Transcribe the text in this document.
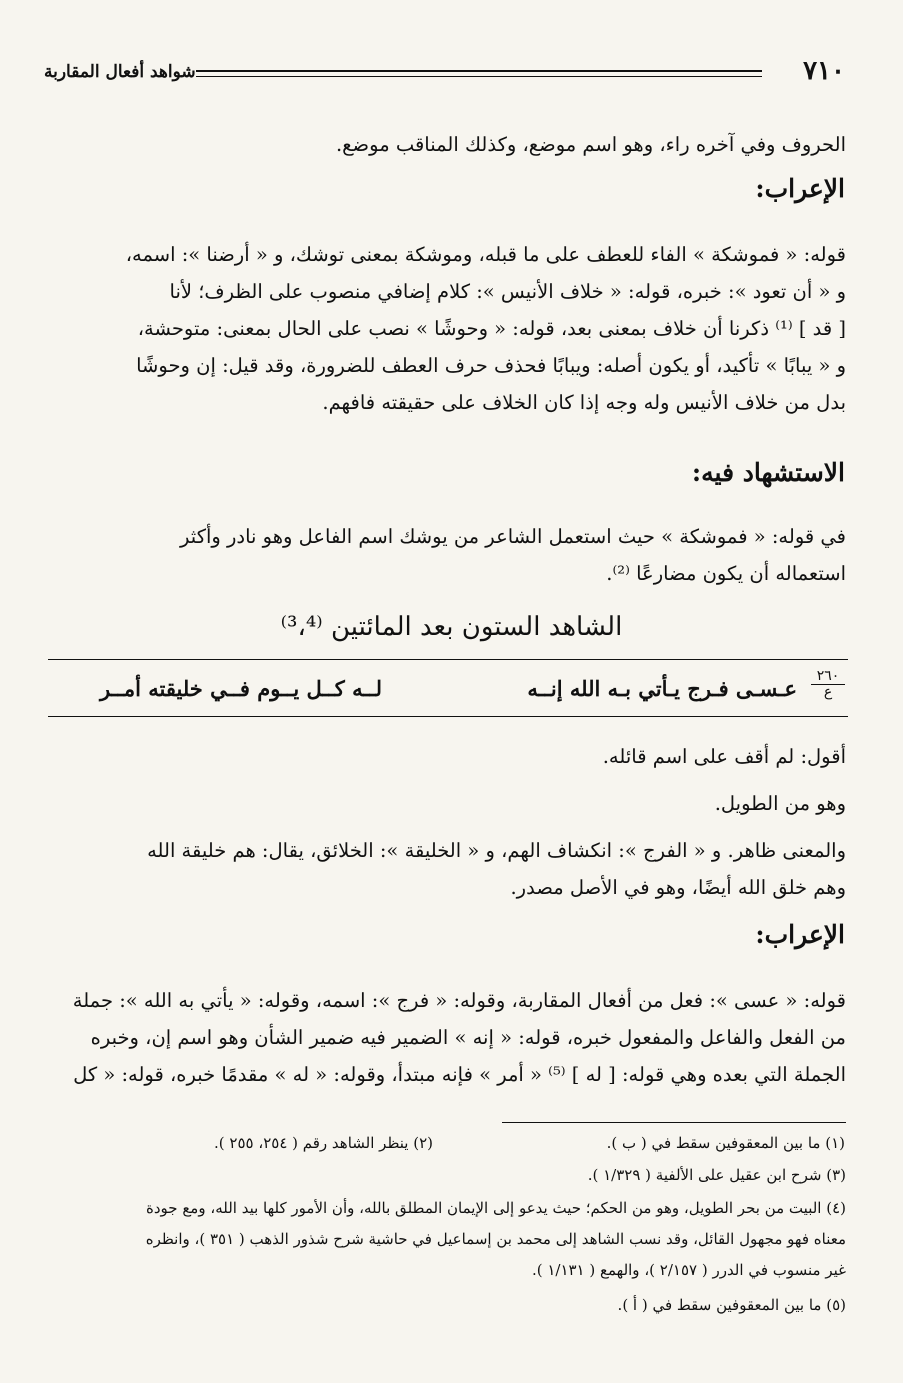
٧١٠
شواهد أفعال المقاربة
الحروف وفي آخره راء، وهو اسم موضع، وكذلك المناقب موضع.
الإعراب:
قوله: « فموشكة » الفاء للعطف على ما قبله، وموشكة بمعنى توشك، و « أرضنا »: اسمه،
و « أن تعود »: خبره، قوله: « خلاف الأنيس »: كلام إضافي منصوب على الظرف؛ لأنا
[ قد ] ⁽¹⁾ ذكرنا أن خلاف بمعنى بعد، قوله: « وحوشًا » نصب على الحال بمعنى: متوحشة،
و « يبابًا » تأكيد، أو يكون أصله: ويبابًا فحذف حرف العطف للضرورة، وقد قيل: إن وحوشًا
بدل من خلاف الأنيس وله وجه إذا كان الخلاف على حقيقته فافهم.
الاستشهاد فيه:
في قوله: « فموشكة » حيث استعمل الشاعر من يوشك اسم الفاعل وهو نادر وأكثر
استعماله أن يكون مضارعًا ⁽²⁾.
الشاهد الستون بعد المائتين ⁽³،⁴⁾
٢٦٠
ع
عـسـى فـرج يـأتي بـه الله إنــه
لــه كــل يــوم فــي خليقته أمــر
أقول: لم أقف على اسم قائله.
وهو من الطويل.
والمعنى ظاهر. و « الفرج »: انكشاف الهم، و « الخليقة »: الخلائق، يقال: هم خليقة الله
وهم خلق الله أيضًا، وهو في الأصل مصدر.
الإعراب:
قوله: « عسى »: فعل من أفعال المقاربة، وقوله: « فرج »: اسمه، وقوله: « يأتي به الله »: جملة
من الفعل والفاعل والمفعول خبره، قوله: « إنه » الضمير فيه ضمير الشأن وهو اسم إن، وخبره
الجملة التي بعده وهي قوله: [ له ] ⁽⁵⁾ « أمر » فإنه مبتدأ، وقوله: « له » مقدمًا خبره، قوله: « كل
(١) ما بين المعقوفين سقط في ( ب ).
(٢) ينظر الشاهد رقم ( ٢٥٤، ٢٥٥ ).
(٣) شرح ابن عقيل على الألفية ( ١/٣٢٩ ).
(٤) البيت من بحر الطويل، وهو من الحكم؛ حيث يدعو إلى الإيمان المطلق بالله، وأن الأمور كلها بيد الله، ومع جودة
معناه فهو مجهول القائل، وقد نسب الشاهد إلى محمد بن إسماعيل في حاشية شرح شذور الذهب ( ٣٥١ )، وانظره
غير منسوب في الدرر ( ٢/١٥٧ )، والهمع ( ١/١٣١ ).
(٥) ما بين المعقوفين سقط في ( أ ).
